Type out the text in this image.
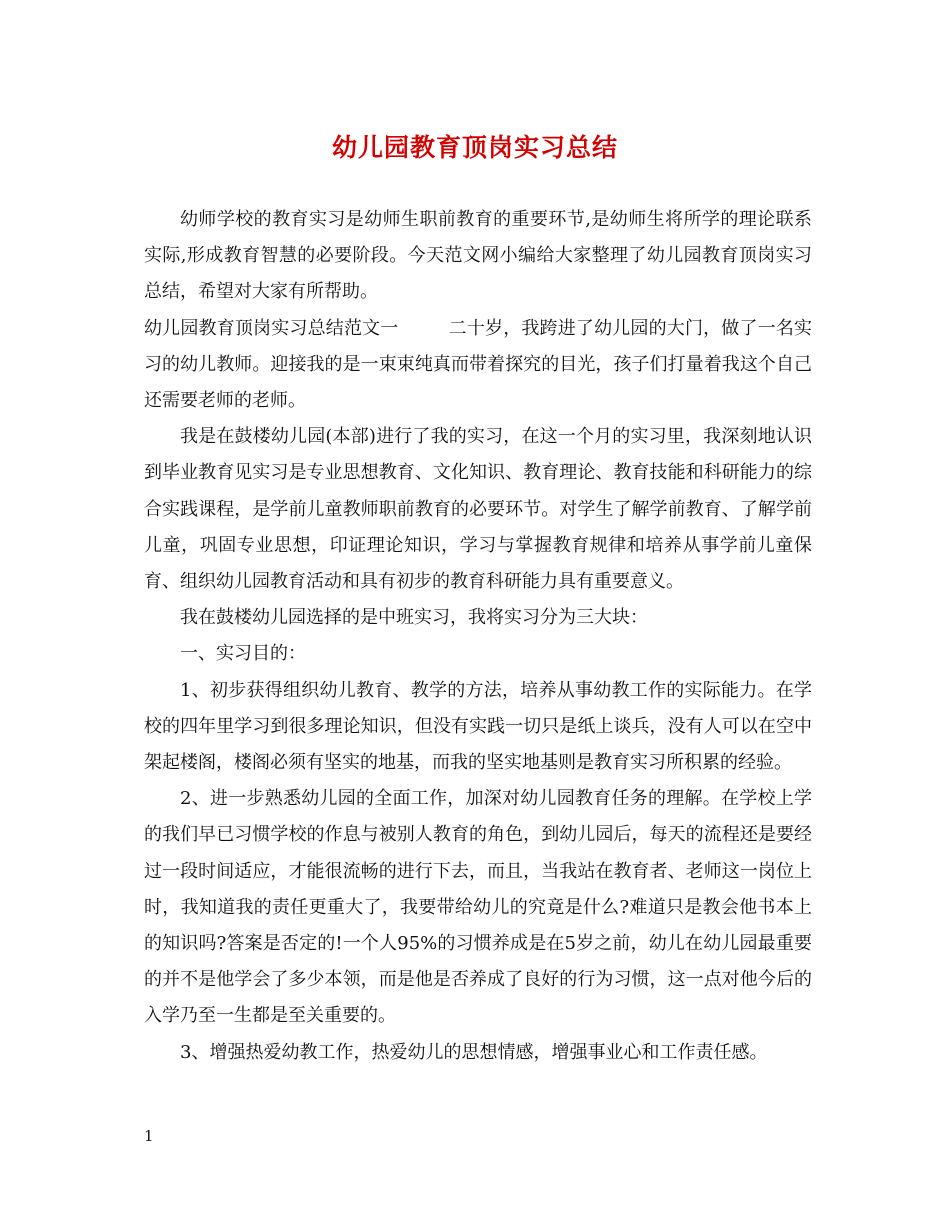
幼儿园教育顶岗实习总结

幼师学校的教育实习是幼师生职前教育的重要环节,是幼师生将所学的理论联系实际,形成教育智慧的必要阶段。今天范文网小编给大家整理了幼儿园教育顶岗实习总结，希望对大家有所帮助。

幼儿园教育顶岗实习总结范文一	二十岁，我跨进了幼儿园的大门，做了一名实习的幼儿教师。迎接我的是一束束纯真而带着探究的目光，孩子们打量着我这个自己还需要老师的老师。

我是在鼓楼幼儿园(本部)进行了我的实习，在这一个月的实习里，我深刻地认识到毕业教育见实习是专业思想教育、文化知识、教育理论、教育技能和科研能力的综合实践课程，是学前儿童教师职前教育的必要环节。对学生了解学前教育、了解学前儿童，巩固专业思想，印证理论知识，学习与掌握教育规律和培养从事学前儿童保育、组织幼儿园教育活动和具有初步的教育科研能力具有重要意义。

我在鼓楼幼儿园选择的是中班实习，我将实习分为三大块：

一、实习目的：

1、初步获得组织幼儿教育、教学的方法，培养从事幼教工作的实际能力。在学校的四年里学习到很多理论知识，但没有实践一切只是纸上谈兵，没有人可以在空中架起楼阁，楼阁必须有坚实的地基，而我的坚实地基则是教育实习所积累的经验。

2、进一步熟悉幼儿园的全面工作，加深对幼儿园教育任务的理解。在学校上学的我们早已习惯学校的作息与被别人教育的角色，到幼儿园后，每天的流程还是要经过一段时间适应，才能很流畅的进行下去，而且，当我站在教育者、老师这一岗位上时，我知道我的责任更重大了，我要带给幼儿的究竟是什么?难道只是教会他书本上的知识吗?答案是否定的!一个人95%的习惯养成是在5岁之前，幼儿在幼儿园最重要的并不是他学会了多少本领，而是他是否养成了良好的行为习惯，这一点对他今后的入学乃至一生都是至关重要的。

3、增强热爱幼教工作，热爱幼儿的思想情感，增强事业心和工作责任感。

1
